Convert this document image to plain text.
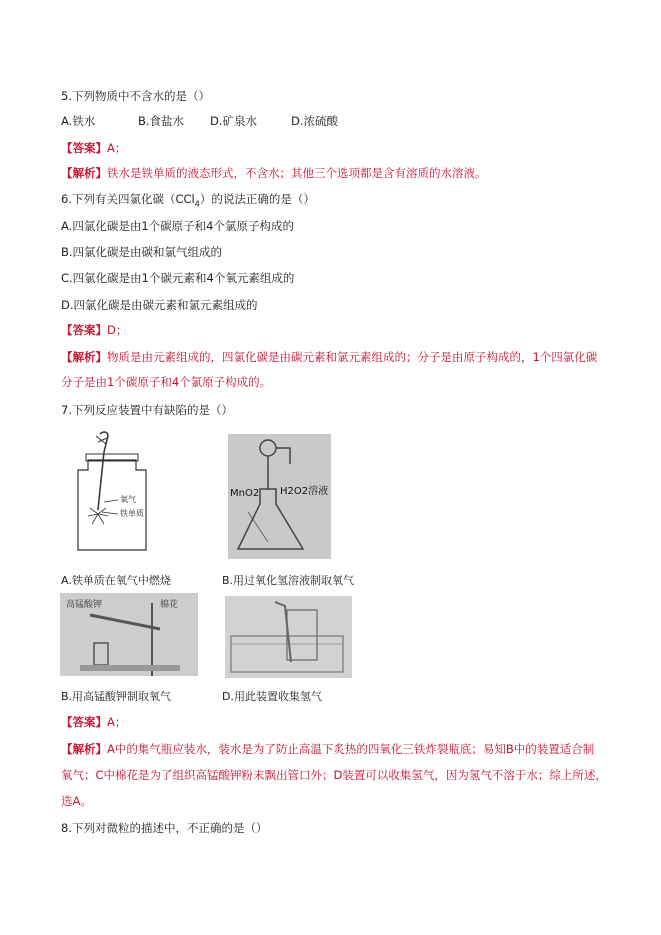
5.下列物质中不含水的是（）
A.铁水	B.食盐水 D.矿泉水	D.浓硫酸
【答案】A；
【解析】铁水是铁单质的液态形式，不含水；其他三个选项都是含有溶质的水溶液。
6.下列有关四氯化碳（CCl$_4$）的说法正确的是（）
A.四氯化碳是由1个碳原子和4个氯原子构成的
B.四氯化碳是由碳和氯气组成的
C.四氯化碳是由1个碳元素和4个氧元素组成的
D.四氯化碳是由碳元素和氯元素组成的
【答案】D；
【解析】物质是由元素组成的，四氯化碳是由碳元素和氯元素组成的；分子是由原子构成的，1个四氯化碳
分子是由1个碳原子和4个氯原子构成的。
7.下列反应装置中有缺陷的是（）
氧气
铁单质
A.铁单质在氧气中燃烧
MnO2 H2O2溶液
B.用过氧化氢溶液制取氧气
高锰酸钾	棉花
B.用高锰酸钾制取氧气	D.用此装置收集氢气
【答案】A；
【解析】A中的集气瓶应装水，装水是为了防止高温下炙热的四氧化三铁炸裂瓶底；易知B中的装置适合制
氧气；C中棉花是为了组织高锰酸钾粉末飘出管口外；D装置可以收集氢气，因为氢气不溶于水；综上所述，
选A。
8.下列对微粒的描述中，不正确的是（）
